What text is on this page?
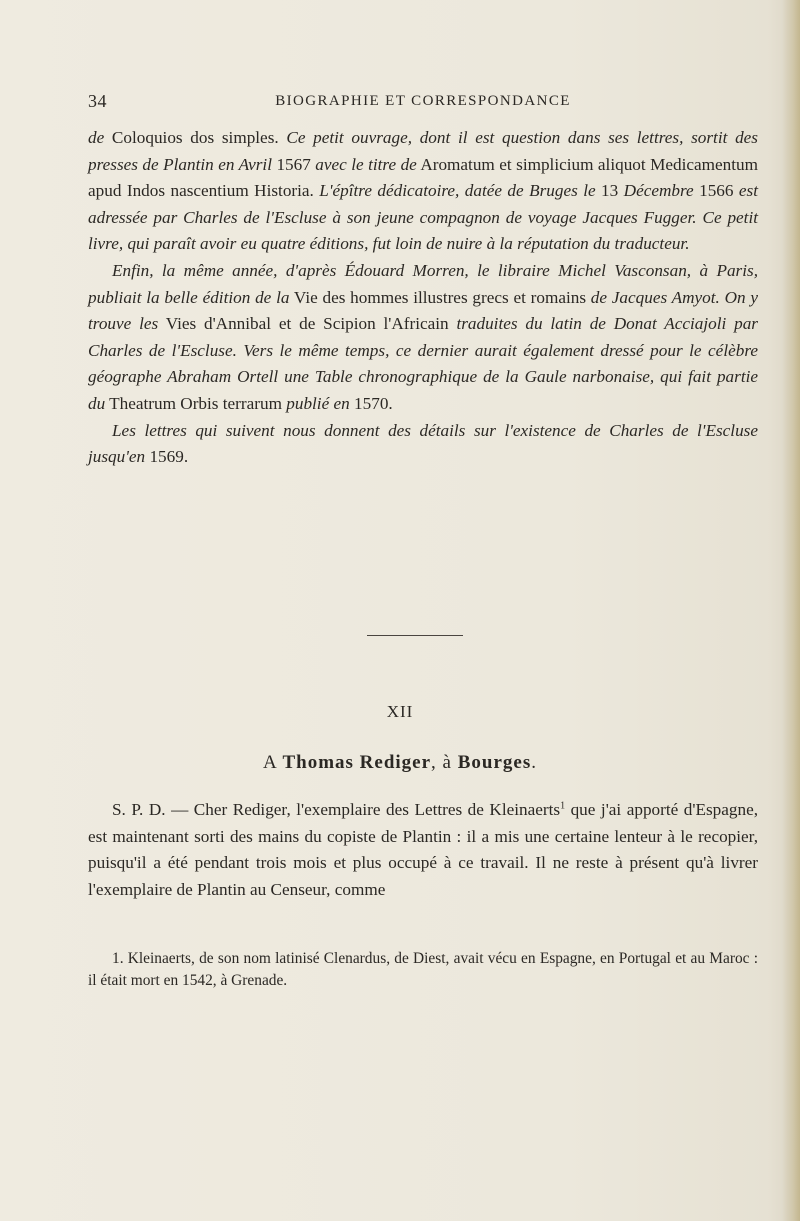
34	BIOGRAPHIE ET CORRESPONDANCE

de Coloquios dos simples. Ce petit ouvrage, dont il est question dans ses lettres, sortit des presses de Plantin en Avril 1567 avec le titre de Aromatum et simplicium aliquot Medicamentum apud Indos nascentium Historia. L'épître dédicatoire, datée de Bruges le 13 Décembre 1566 est adressée par Charles de l'Escluse à son jeune compagnon de voyage Jacques Fugger. Ce petit livre, qui paraît avoir eu quatre éditions, fut loin de nuire à la réputation du traducteur.

Enfin, la même année, d'après Édouard Morren, le libraire Michel Vasconsan, à Paris, publiait la belle édition de la Vie des hommes illustres grecs et romains de Jacques Amyot. On y trouve les Vies d'Annibal et de Scipion l'Africain traduites du latin de Donat Acciajoli par Charles de l'Escluse. Vers le même temps, ce dernier aurait également dressé pour le célèbre géographe Abraham Ortell une Table chronographique de la Gaule narbonaise, qui fait partie du Theatrum Orbis terrarum publié en 1570.

Les lettres qui suivent nous donnent des détails sur l'existence de Charles de l'Escluse jusqu'en 1569.

XII
A Thomas Rediger, à Bourges.

S. P. D. — Cher Rediger, l'exemplaire des Lettres de Kleinaerts$^1$ que j'ai apporté d'Espagne, est maintenant sorti des mains du copiste de Plantin : il a mis une certaine lenteur à le recopier, puisqu'il a été pendant trois mois et plus occupé à ce travail. Il ne reste à présent qu'à livrer l'exemplaire de Plantin au Censeur, comme

1. Kleinaerts, de son nom latinisé Clenardus, de Diest, avait vécu en Espagne, en Portugal et au Maroc : il était mort en 1542, à Grenade.
